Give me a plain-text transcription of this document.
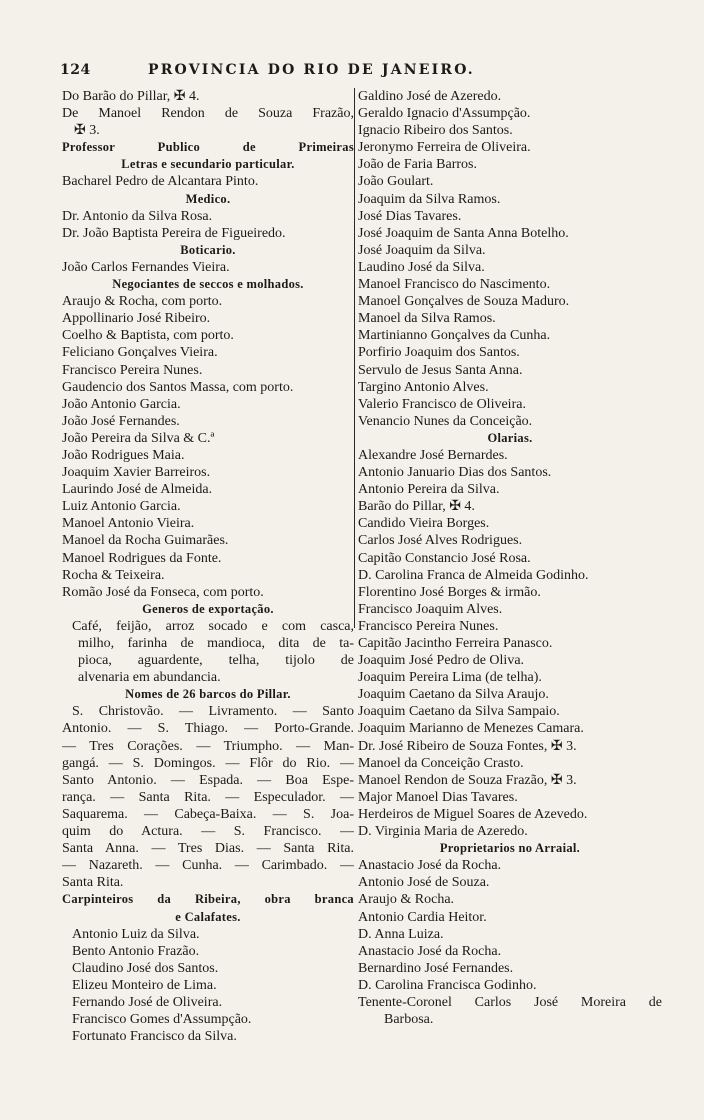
124	PROVINCIA DO RIO DE JANEIRO.
Do Barão do Pillar, ✠ 4.
De Manoel Rendon de Souza Frazão,
✠ 3.
Professor Publico de Primeiras
Letras e secundario particular.
Bacharel Pedro de Alcantara Pinto.
Medico.
Dr. Antonio da Silva Rosa.
Dr. João Baptista Pereira de Figueiredo.
Boticario.
João Carlos Fernandes Vieira.
Negociantes de seccos e molhados.
Araujo & Rocha, com porto.
Appollinario José Ribeiro.
Coelho & Baptista, com porto.
Feliciano Gonçalves Vieira.
Francisco Pereira Nunes.
Gaudencio dos Santos Massa, com porto.
João Antonio Garcia.
João José Fernandes.
João Pereira da Silva & C.ª
João Rodrigues Maia.
Joaquim Xavier Barreiros.
Laurindo José de Almeida.
Luiz Antonio Garcia.
Manoel Antonio Vieira.
Manoel da Rocha Guimarães.
Manoel Rodrigues da Fonte.
Rocha & Teixeira.
Romão José da Fonseca, com porto.
Generos de exportação.
Café, feijão, arroz socado e com casca,
milho, farinha de mandioca, dita de ta-
pioca, aguardente, telha, tijolo de
alvenaria em abundancia.
Nomes de 26 barcos do Pillar.
S. Christovão. — Livramento. — Santo
Antonio. — S. Thiago. — Porto-Grande.
— Tres Corações. — Triumpho. — Man-
gangá. — S. Domingos. — Flôr do Rio. —
Santo Antonio. — Espada. — Boa Espe-
rança. — Santa Rita. — Especulador. —
Saquarema. — Cabeça-Baixa. — S. Joa-
quim do Actura. — S. Francisco. —
Santa Anna. — Tres Dias. — Santa Rita.
— Nazareth. — Cunha. — Carimbado. —
Santa Rita.
Carpinteiros da Ribeira, obra branca
e Calafates.
Antonio Luiz da Silva.
Bento Antonio Frazão.
Claudino José dos Santos.
Elizeu Monteiro de Lima.
Fernando José de Oliveira.
Francisco Gomes d'Assumpção.
Fortunato Francisco da Silva.
Galdino José de Azeredo.
Geraldo Ignacio d'Assumpção.
Ignacio Ribeiro dos Santos.
Jeronymo Ferreira de Oliveira.
João de Faria Barros.
João Goulart.
Joaquim da Silva Ramos.
José Dias Tavares.
José Joaquim de Santa Anna Botelho.
José Joaquim da Silva.
Laudino José da Silva.
Manoel Francisco do Nascimento.
Manoel Gonçalves de Souza Maduro.
Manoel da Silva Ramos.
Martinianno Gonçalves da Cunha.
Porfirio Joaquim dos Santos.
Servulo de Jesus Santa Anna.
Targino Antonio Alves.
Valerio Francisco de Oliveira.
Venancio Nunes da Conceição.
Olarias.
Alexandre José Bernardes.
Antonio Januario Dias dos Santos.
Antonio Pereira da Silva.
Barão do Pillar, ✠ 4.
Candido Vieira Borges.
Carlos José Alves Rodrigues.
Capitão Constancio José Rosa.
D. Carolina Franca de Almeida Godinho.
Florentino José Borges & irmão.
Francisco Joaquim Alves.
Francisco Pereira Nunes.
Capitão Jacintho Ferreira Panasco.
Joaquim José Pedro de Oliva.
Joaquim Pereira Lima (de telha).
Joaquim Caetano da Silva Araujo.
Joaquim Caetano da Silva Sampaio.
Joaquim Marianno de Menezes Camara.
Dr. José Ribeiro de Souza Fontes, ✠ 3.
Manoel da Conceição Crasto.
Manoel Rendon de Souza Frazão, ✠ 3.
Major Manoel Dias Tavares.
Herdeiros de Miguel Soares de Azevedo.
D. Virginia Maria de Azeredo.
Proprietarios no Arraial.
Anastacio José da Rocha.
Antonio José de Souza.
Araujo & Rocha.
Antonio Cardia Heitor.
D. Anna Luiza.
Anastacio José da Rocha.
Bernardino José Fernandes.
D. Carolina Francisca Godinho.
Tenente-Coronel Carlos José Moreira de
Barbosa.
